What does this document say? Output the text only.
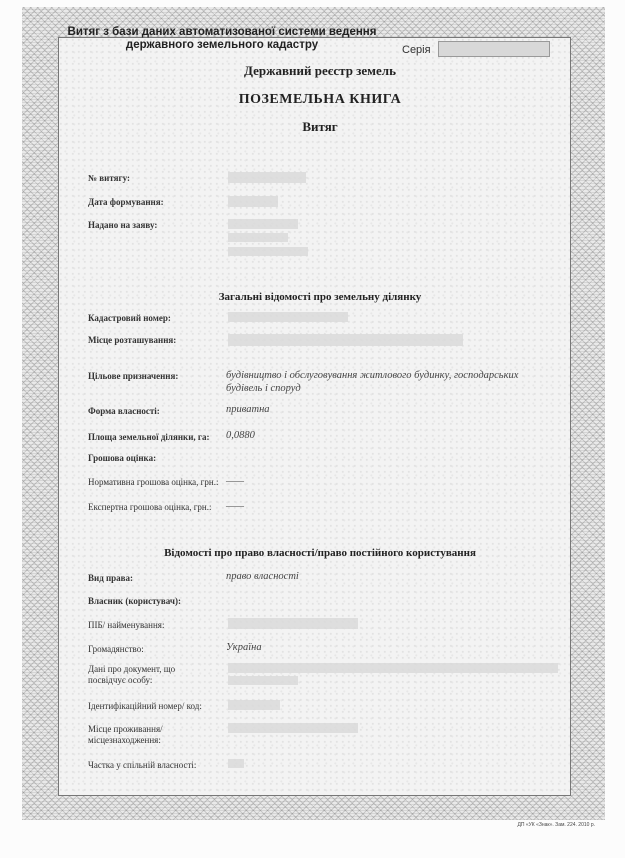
Витяг з бази даних автоматизованої системи ведення
державного земельного кадастру	Серія
Державний реєстр земель
ПОЗЕМЕЛЬНА КНИГА
Витяг
№ витягу:
Дата формування:
Надано на заяву:
Загальні відомості про земельну ділянку
Кадастровий номер:
Місце розташування:
Цільове призначення:	будівництво і обслуговування житлового будинку, господарських будівель і споруд
Форма власності:	приватна
Площа земельної ділянки, га: 0,0880
Грошова оцінка:
Нормативна грошова оцінка, грн.: ——
Експертна грошова оцінка, грн.: ——
Відомості про право власності/право постійного користування
Вид права:	право власності
Власник (користувач):
ПІБ/ найменування:
Громадянство:	Україна
Дані про документ, що
посвідчує особу:
Ідентифікаційний номер/ код:
Місце проживання/
місцезнаходження:
Частка у спільній власності:
ДП «УК «Знак». Зам. 224. 2010 р.
